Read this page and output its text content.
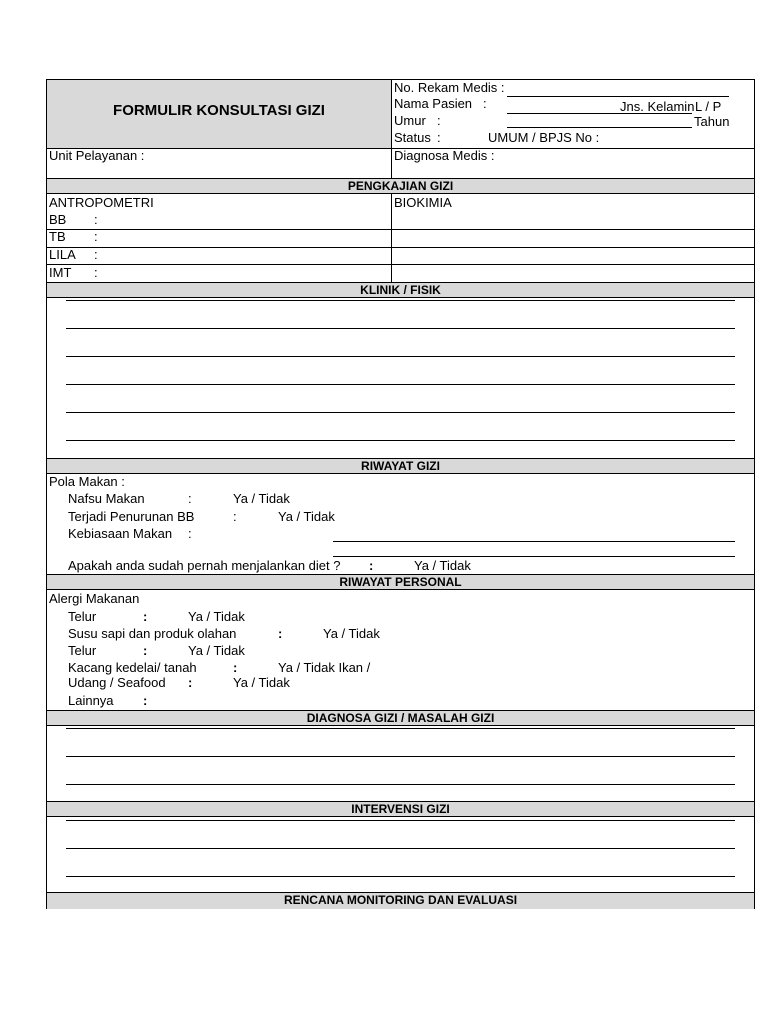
FORMULIR KONSULTASI GIZI
No. Rekam Medis :
Nama Pasien :	Jns. Kelamin L / P
Umur :	Tahun
Status :	UMUM / BPJS No :
Unit Pelayanan :	Diagnosa Medis :
PENGKAJIAN GIZI
ANTROPOMETRI	BIOKIMIA
BB :
TB :
LILA :
IMT :
KLINIK / FISIK
RIWAYAT GIZI
Pola Makan :
Nafsu Makan	:	Ya / Tidak
Terjadi Penurunan BB	:	Ya / Tidak
Kebiasaan Makan :
Apakah anda sudah pernah menjalankan diet ? :	Ya / Tidak
RIWAYAT PERSONAL
Alergi Makanan
Telur	:	Ya / Tidak
Susu sapi dan produk olahan	:	Ya / Tidak
Telur	:	Ya / Tidak
Kacang kedelai/ tanah	:	Ya / Tidak Ikan /
Udang / Seafood :	Ya / Tidak
Lainnya :
DIAGNOSA GIZI / MASALAH GIZI
INTERVENSI GIZI
RENCANA MONITORING DAN EVALUASI
